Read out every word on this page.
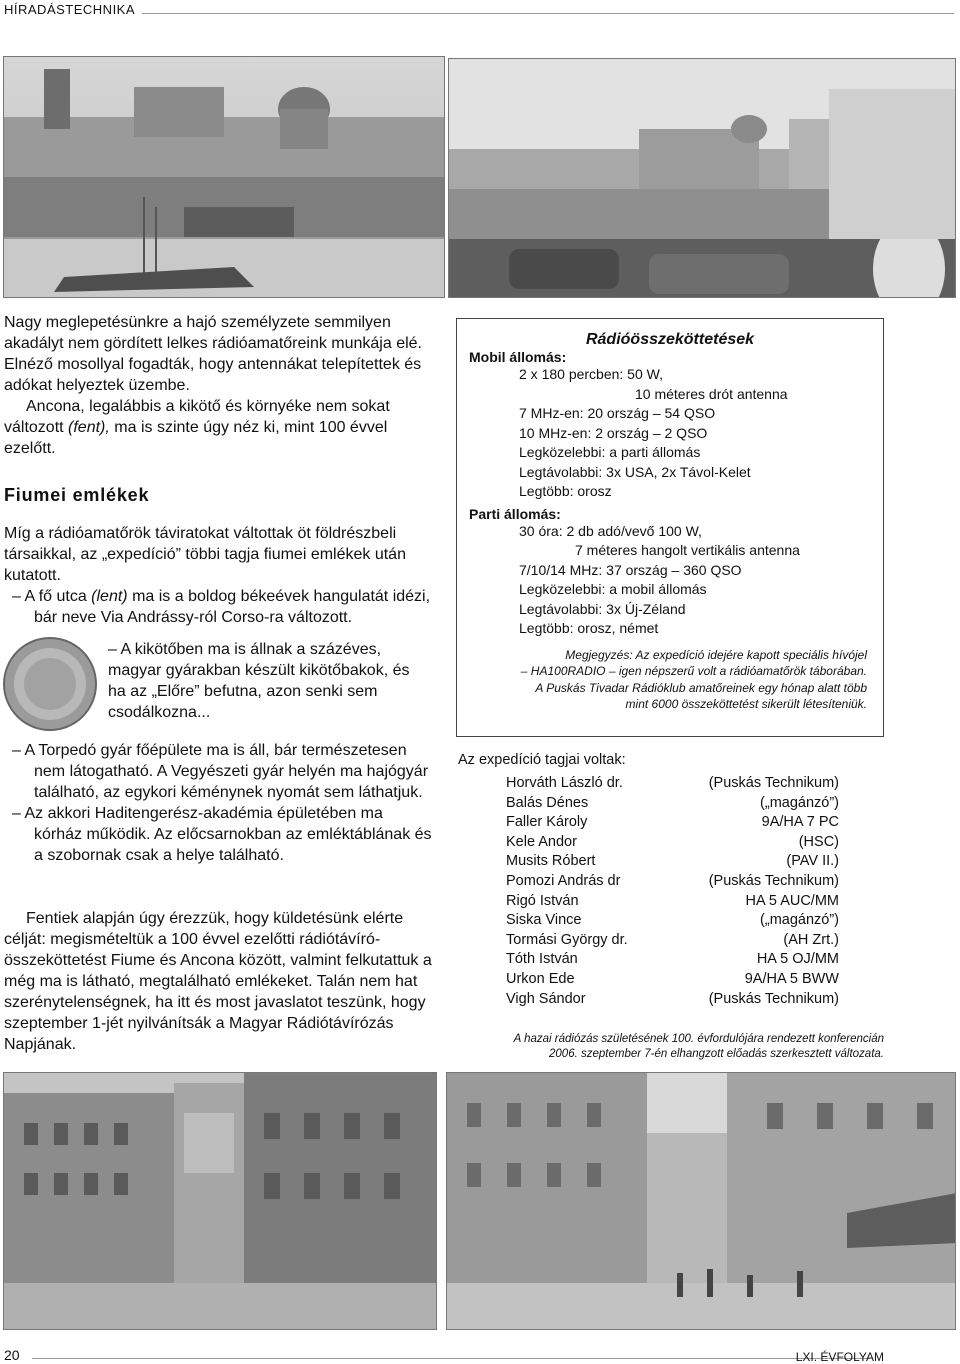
HÍRADÁSTECHNIKA

Nagy meglepetésünkre a hajó személyzete semmilyen akadályt nem gördített lelkes rádióamatőreink munkája elé. Elnéző mosollyal fogadták, hogy antennákat telepítettek és adókat helyeztek üzembe.

Ancona, legalábbis a kikötő és környéke nem sokat változott (fent), ma is szinte úgy néz ki, mint 100 évvel ezelőtt.

Fiumei emlékek

Míg a rádióamatőrök táviratokat váltottak öt földrészbeli társaikkal, az „expedíció” többi tagja fiumei emlékek után kutatott.

– A fő utca (lent) ma is a boldog békeévek hangulatát idézi, bár neve Via Andrássy-ról Corso-ra változott.

– A kikötőben ma is állnak a százéves, magyar gyárakban készült kikötőbakok, és ha az „Előre” befutna, azon senki sem csodálkozna...

– A Torpedó gyár főépülete ma is áll, bár természetesen nem látogatható. A Vegyészeti gyár helyén ma hajógyár található, az egykori kéménynek nyomát sem láthatjuk.

– Az akkori Haditengerész-akadémia épületében ma kórház működik. Az előcsarnokban az emléktáblának és a szobornak csak a helye található.

Fentiek alapján úgy érezzük, hogy küldetésünk elérte célját: megismételtük a 100 évvel ezelőtti rádiótávíró-összeköttetést Fiume és Ancona között, valmint felkutattuk a még ma is látható, megtalálható emlékeket. Talán nem hat szerénytelenségnek, ha itt és most javaslatot teszünk, hogy szeptember 1-jét nyilvánítsák a Magyar Rádiótávírózás Napjának.
Rádióösszeköttetések
Mobil állomás:
2 x 180 percben: 50 W,
10 méteres drót antenna
7 MHz-en: 20 ország – 54 QSO
10 MHz-en: 2 ország – 2 QSO
Legközelebbi: a parti állomás
Legtávolabbi: 3x USA, 2x Távol-Kelet
Legtöbb: orosz
Parti állomás:
30 óra: 2 db adó/vevő 100 W,
7 méteres hangolt vertikális antenna
7/10/14 MHz: 37 ország – 360 QSO
Legközelebbi: a mobil állomás
Legtávolabbi: 3x Új-Zéland
Legtöbb: orosz, német
Megjegyzés: Az expedíció idejére kapott speciális hívójel
– HA100RADIO – igen népszerű volt a rádióamatőrök táborában.
A Puskás Tivadar Rádióklub amatőreinek egy hónap alatt több
mint 6000 összeköttetést sikerült létesíteniük.
Az expedíció tagjai voltak:
Horváth László dr.	(Puskás Technikum)
Balás Dénes	(„magánzó”)
Faller Károly	9A/HA 7 PC
Kele Andor	(HSC)
Musits Róbert	(PAV II.)
Pomozi András dr	(Puskás Technikum)
Rigó István	HA 5 AUC/MM
Siska Vince	(„magánzó”)
Tormási György dr.	(AH Zrt.)
Tóth István	HA 5 OJ/MM
Urkon Ede	9A/HA 5 BWW
Vigh Sándor	(Puskás Technikum)
A hazai rádiózás születésének 100. évfordulójára rendezett konferencián
2006. szeptember 7-én elhangzott előadás szerkesztett változata.
20	LXI. ÉVFOLYAM
